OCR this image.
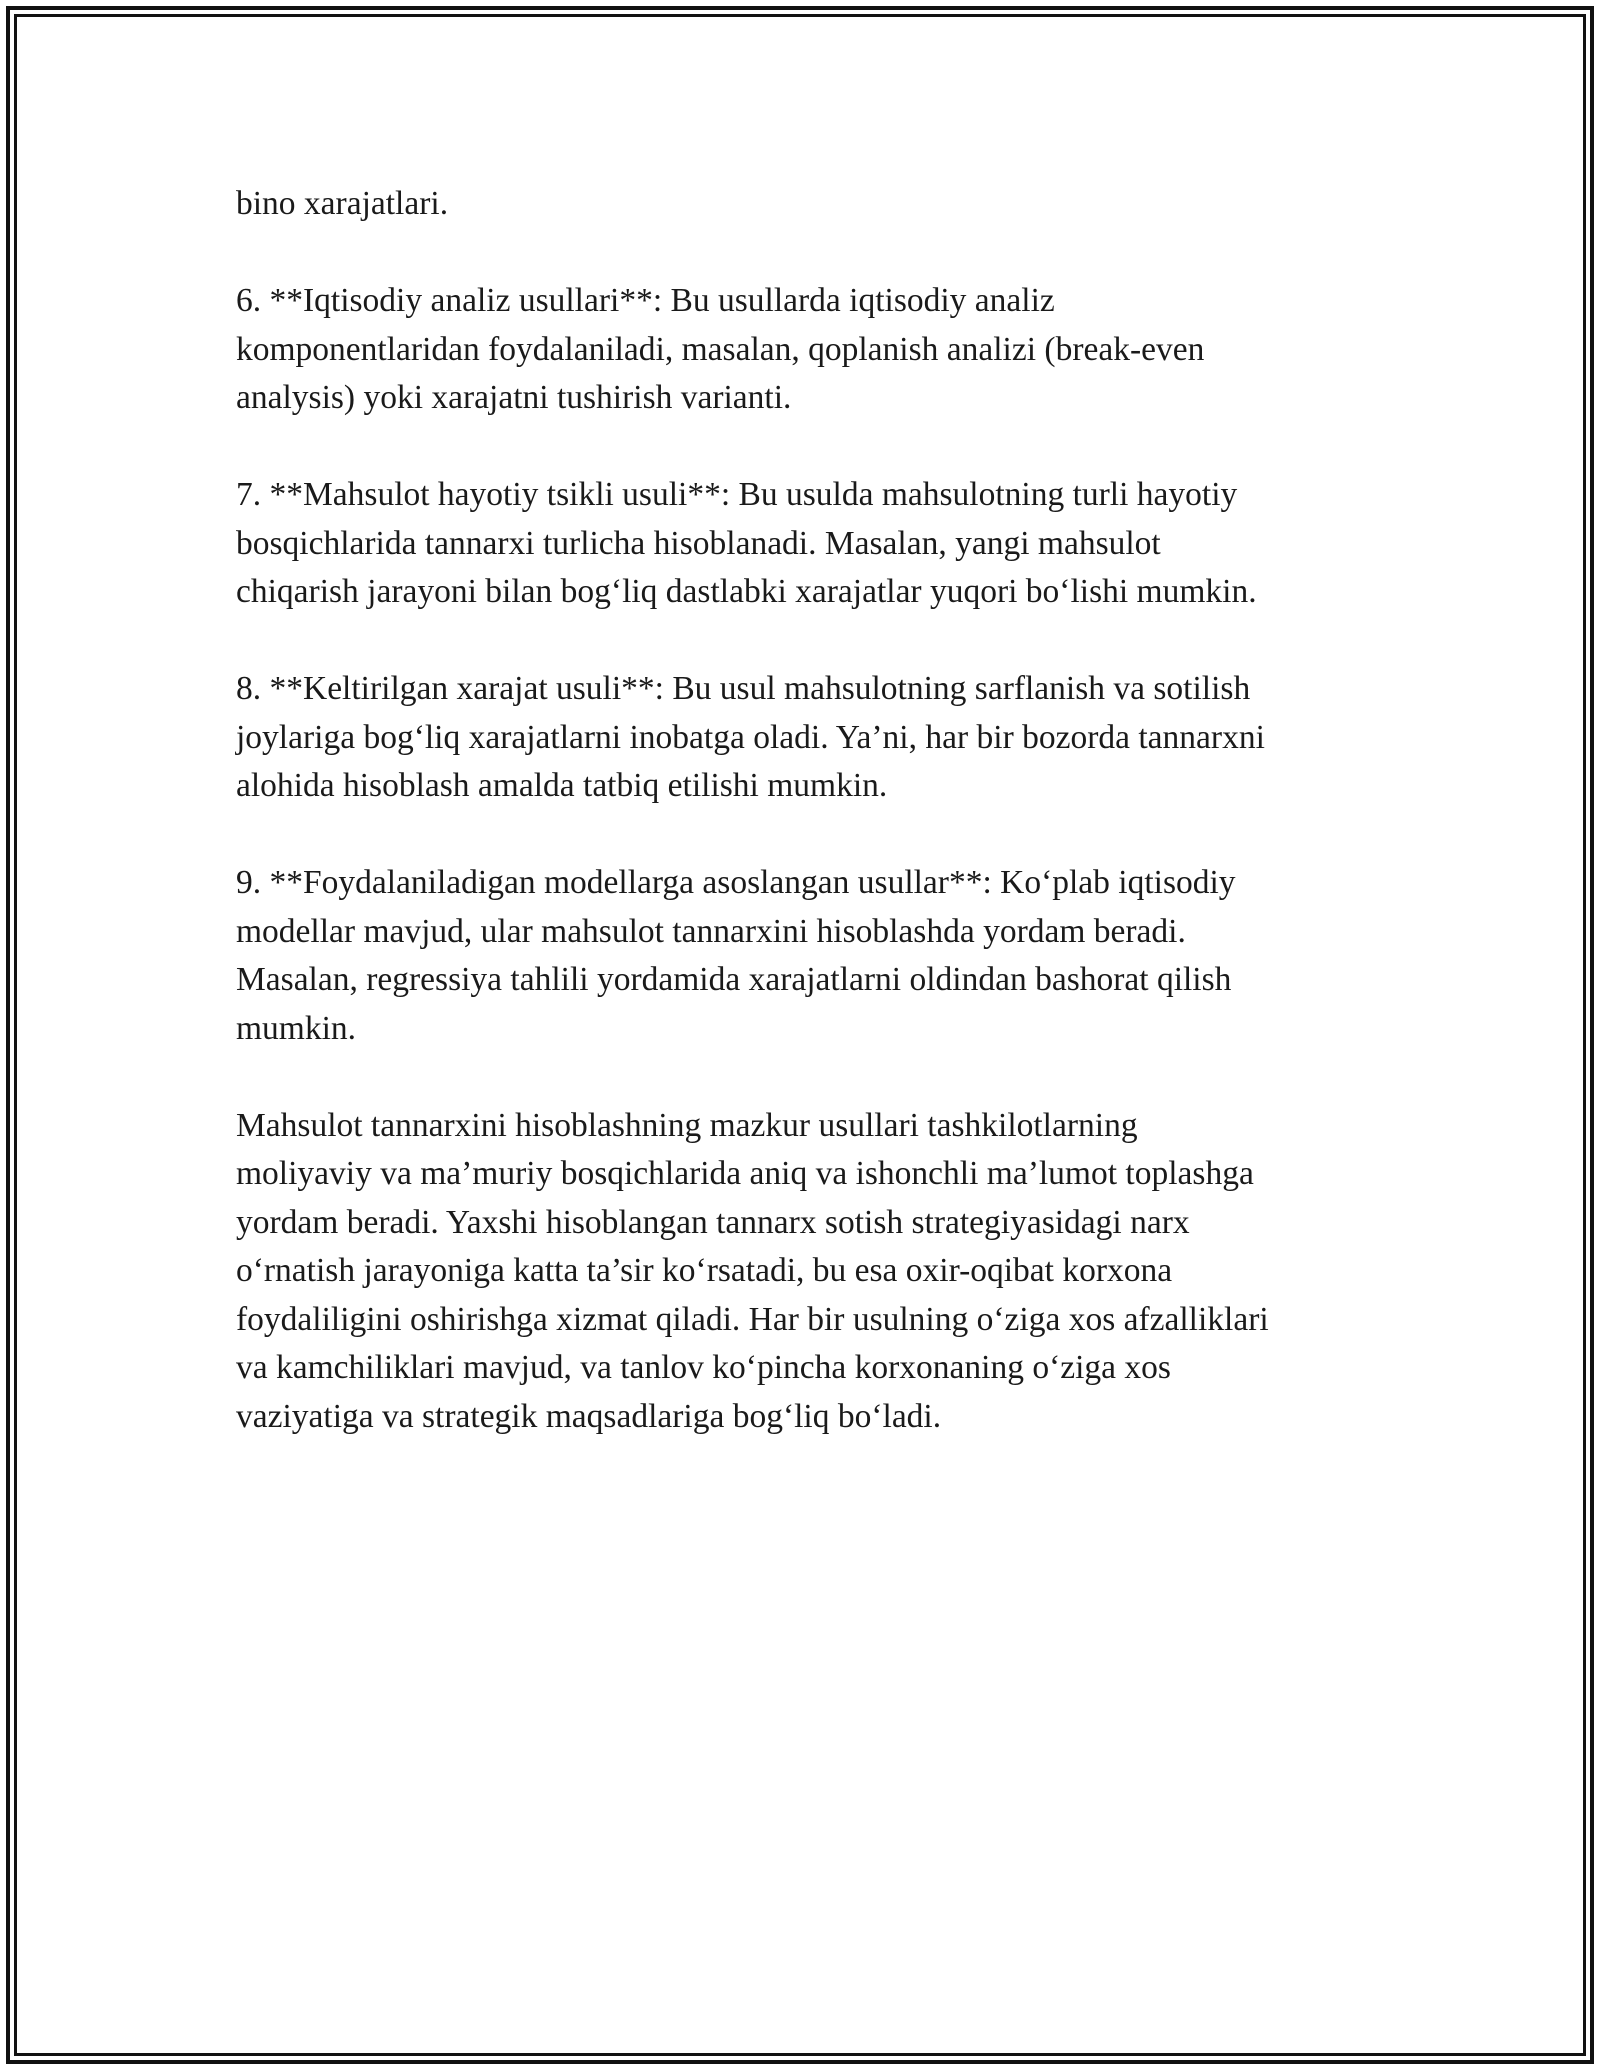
bino xarajatlari.

6. **Iqtisodiy analiz usullari**: Bu usullarda iqtisodiy analiz
komponentlaridan foydalaniladi, masalan, qoplanish analizi (break-even
analysis) yoki xarajatni tushirish varianti.

7. **Mahsulot hayotiy tsikli usuli**: Bu usulda mahsulotning turli hayotiy
bosqichlarida tannarxi turlicha hisoblanadi. Masalan, yangi mahsulot
chiqarish jarayoni bilan bog‘liq dastlabki xarajatlar yuqori bo‘lishi mumkin.

8. **Keltirilgan xarajat usuli**: Bu usul mahsulotning sarflanish va sotilish
joylariga bog‘liq xarajatlarni inobatga oladi. Ya’ni, har bir bozorda tannarxni
alohida hisoblash amalda tatbiq etilishi mumkin.

9. **Foydalaniladigan modellarga asoslangan usullar**: Ko‘plab iqtisodiy
modellar mavjud, ular mahsulot tannarxini hisoblashda yordam beradi.
Masalan, regressiya tahlili yordamida xarajatlarni oldindan bashorat qilish
mumkin.

Mahsulot tannarxini hisoblashning mazkur usullari tashkilotlarning
moliyaviy va ma’muriy bosqichlarida aniq va ishonchli ma’lumot toplashga
yordam beradi. Yaxshi hisoblangan tannarx sotish strategiyasidagi narx
o‘rnatish jarayoniga katta ta’sir ko‘rsatadi, bu esa oxir-oqibat korxona
foydaliligini oshirishga xizmat qiladi. Har bir usulning o‘ziga xos afzalliklari
va kamchiliklari mavjud, va tanlov ko‘pincha korxonaning o‘ziga xos
vaziyatiga va strategik maqsadlariga bog‘liq bo‘ladi.
